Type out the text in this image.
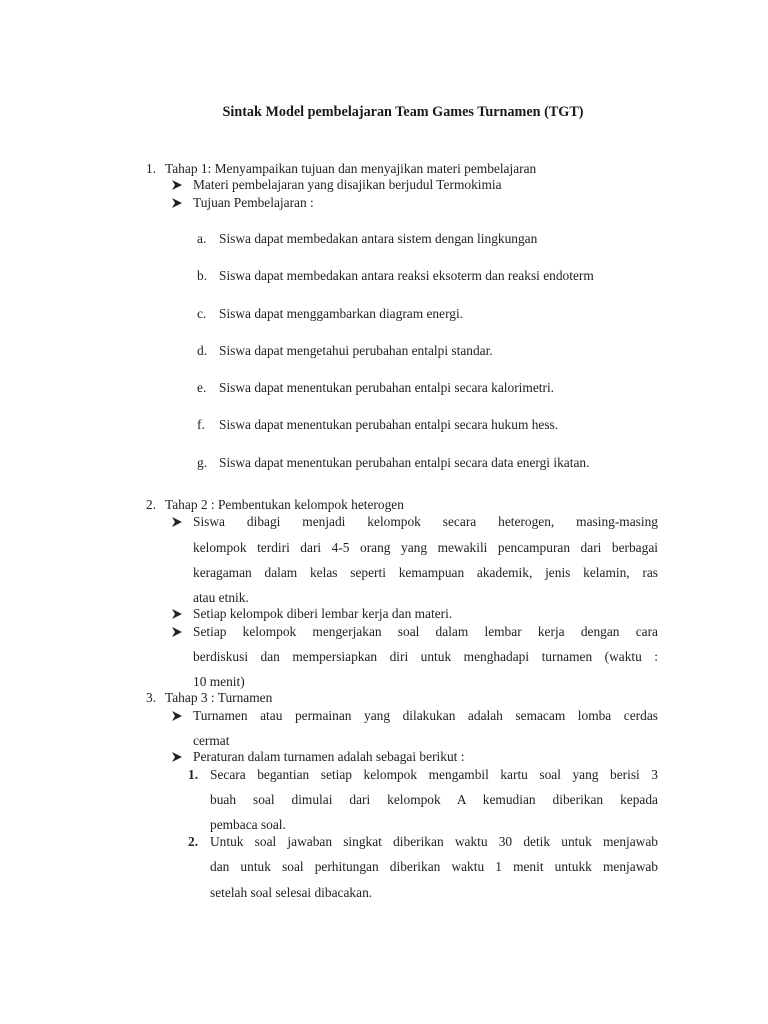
Sintak Model pembelajaran Team Games Turnamen (TGT)
1. Tahap 1: Menyampaikan tujuan dan menyajikan materi pembelajaran
Materi pembelajaran yang disajikan berjudul Termokimia
Tujuan Pembelajaran :
a. Siswa dapat membedakan antara sistem dengan lingkungan
b. Siswa dapat membedakan antara reaksi eksoterm dan reaksi endoterm
c. Siswa dapat menggambarkan diagram energi.
d. Siswa dapat mengetahui perubahan entalpi standar.
e. Siswa dapat menentukan perubahan entalpi secara kalorimetri.
f. Siswa dapat menentukan perubahan entalpi secara hukum hess.
g. Siswa dapat menentukan perubahan entalpi secara data energi ikatan.
2. Tahap 2 : Pembentukan kelompok heterogen
Siswa dibagi menjadi kelompok secara heterogen, masing-masing
kelompok terdiri dari 4-5 orang yang mewakili pencampuran dari berbagai
keragaman dalam kelas seperti kemampuan akademik, jenis kelamin, ras
atau etnik.
Setiap kelompok diberi lembar kerja dan materi.
Setiap kelompok mengerjakan soal dalam lembar kerja dengan cara
berdiskusi dan mempersiapkan diri untuk menghadapi turnamen (waktu :
10 menit)
3. Tahap 3 : Turnamen
Turnamen atau permainan yang dilakukan adalah semacam lomba cerdas
cermat
Peraturan dalam turnamen adalah sebagai berikut :
1. Secara begantian setiap kelompok mengambil kartu soal yang berisi 3
buah soal dimulai dari kelompok A kemudian diberikan kepada
pembaca soal.
2. Untuk soal jawaban singkat diberikan waktu 30 detik untuk menjawab
dan untuk soal perhitungan diberikan waktu 1 menit untukk menjawab
setelah soal selesai dibacakan.
